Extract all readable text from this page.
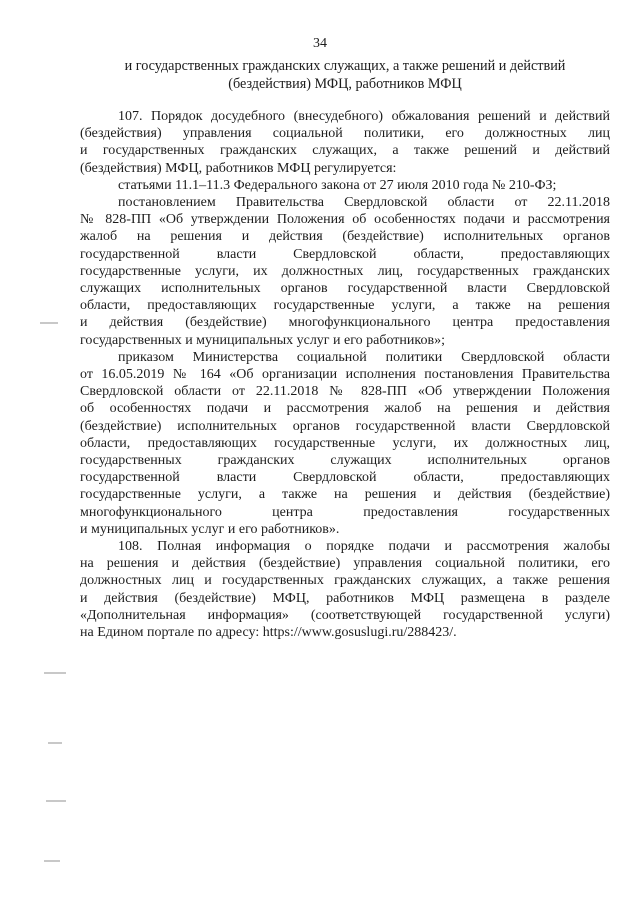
34
и государственных гражданских служащих, а также решений и действий
(бездействия) МФЦ, работников МФЦ
107. Порядок досудебного (внесудебного) обжалования решений и действий
(бездействия) управления социальной политики, его должностных лиц
и государственных гражданских служащих, а также решений и действий
(бездействия) МФЦ, работников МФЦ регулируется:
статьями 11.1–11.3 Федерального закона от 27 июля 2010 года № 210-ФЗ;
постановлением Правительства Свердловской области от 22.11.2018
№ 828-ПП «Об утверждении Положения об особенностях подачи и рассмотрения
жалоб на решения и действия (бездействие) исполнительных органов
государственной власти Свердловской области, предоставляющих
государственные услуги, их должностных лиц, государственных гражданских
служащих исполнительных органов государственной власти Свердловской
области, предоставляющих государственные услуги, а также на решения
и действия (бездействие) многофункционального центра предоставления
государственных и муниципальных услуг и его работников»;
приказом Министерства социальной политики Свердловской области
от 16.05.2019 № 164 «Об организации исполнения постановления Правительства
Свердловской области от 22.11.2018 № 828-ПП «Об утверждении Положения
об особенностях подачи и рассмотрения жалоб на решения и действия
(бездействие) исполнительных органов государственной власти Свердловской
области, предоставляющих государственные услуги, их должностных лиц,
государственных гражданских служащих исполнительных органов
государственной власти Свердловской области, предоставляющих
государственные услуги, а также на решения и действия (бездействие)
многофункционального центра предоставления государственных
и муниципальных услуг и его работников».
108. Полная информация о порядке подачи и рассмотрения жалобы
на решения и действия (бездействие) управления социальной политики, его
должностных лиц и государственных гражданских служащих, а также решения
и действия (бездействие) МФЦ, работников МФЦ размещена в разделе
«Дополнительная информация» (соответствующей государственной услуги)
на Едином портале по адресу: https://www.gosuslugi.ru/288423/.
